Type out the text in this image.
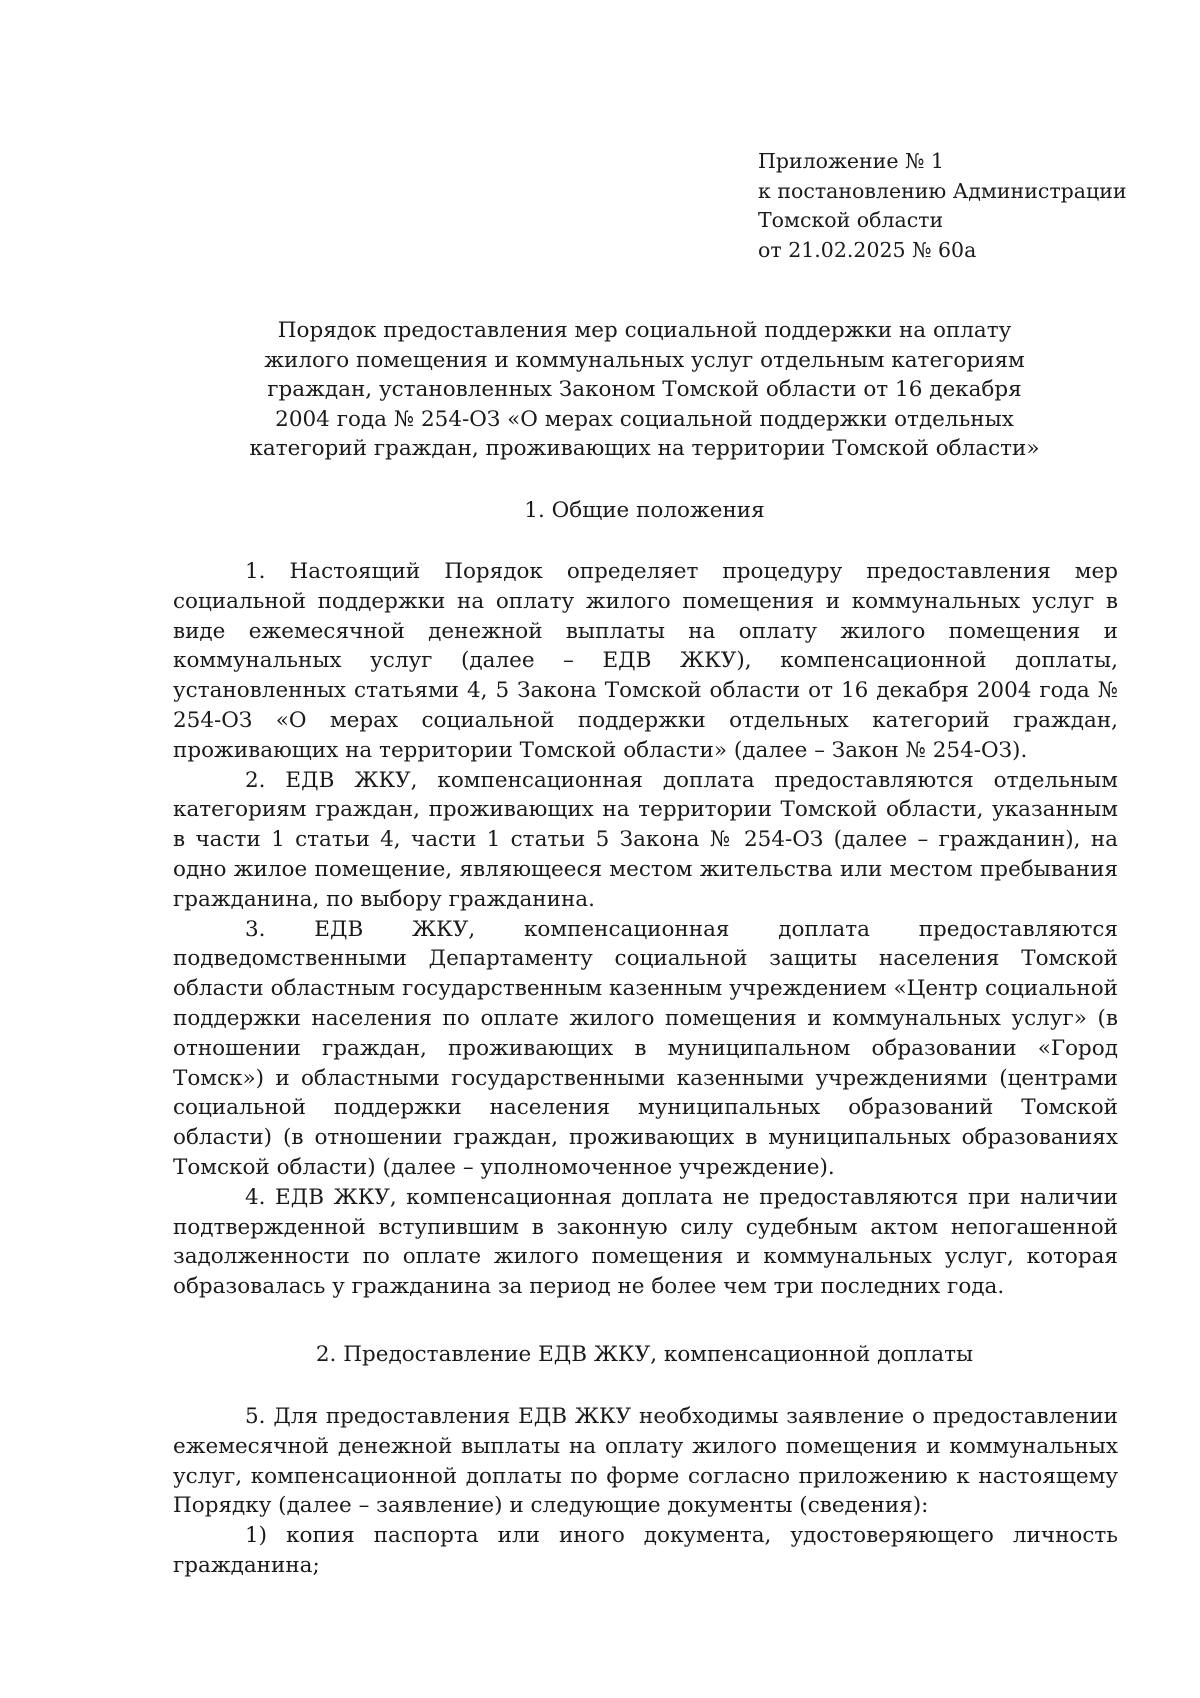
Приложение № 1
к постановлению Администрации
Томской области
от 21.02.2025 № 60а
Порядок предоставления мер социальной поддержки на оплату
жилого помещения и коммунальных услуг отдельным категориям
граждан, установленных Законом Томской области от 16 декабря
2004 года № 254-ОЗ «О мерах социальной поддержки отдельных
категорий граждан, проживающих на территории Томской области»
1. Общие положения

1. Настоящий Порядок определяет процедуру предоставления мер социальной поддержки на оплату жилого помещения и коммунальных услуг в виде ежемесячной денежной выплаты на оплату жилого помещения и коммунальных услуг (далее – ЕДВ ЖКУ), компенсационной доплаты, установленных статьями 4, 5 Закона Томской области от 16 декабря 2004 года № 254-ОЗ «О мерах социальной поддержки отдельных категорий граждан, проживающих на территории Томской области» (далее – Закон № 254-ОЗ).

2. ЕДВ ЖКУ, компенсационная доплата предоставляются отдельным категориям граждан, проживающих на территории Томской области, указанным в части 1 статьи 4, части 1 статьи 5 Закона № 254-ОЗ (далее – гражданин), на одно жилое помещение, являющееся местом жительства или местом пребывания гражданина, по выбору гражданина.

3. ЕДВ ЖКУ, компенсационная доплата предоставляются подведомственными Департаменту социальной защиты населения Томской области областным государственным казенным учреждением «Центр социальной поддержки населения по оплате жилого помещения и коммунальных услуг» (в отношении граждан, проживающих в муниципальном образовании «Город Томск») и областными государственными казенными учреждениями (центрами социальной поддержки населения муниципальных образований Томской области) (в отношении граждан, проживающих в муниципальных образованиях Томской области) (далее – уполномоченное учреждение).

4. ЕДВ ЖКУ, компенсационная доплата не предоставляются при наличии подтвержденной вступившим в законную силу судебным актом непогашенной задолженности по оплате жилого помещения и коммунальных услуг, которая образовалась у гражданина за период не более чем три последних года.

2. Предоставление ЕДВ ЖКУ, компенсационной доплаты

5. Для предоставления ЕДВ ЖКУ необходимы заявление о предоставлении ежемесячной денежной выплаты на оплату жилого помещения и коммунальных услуг, компенсационной доплаты по форме согласно приложению к настоящему Порядку (далее – заявление) и следующие документы (сведения):

1) копия паспорта или иного документа, удостоверяющего личность гражданина;
